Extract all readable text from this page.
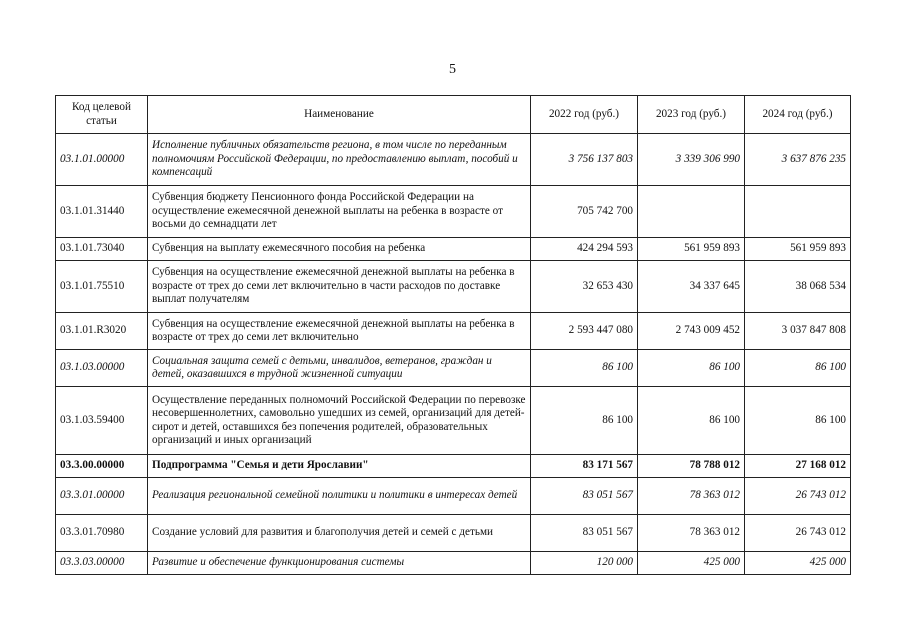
5
Код целевой статьи	Наименование	2022 год (руб.)	2023 год (руб.)	2024 год (руб.)
03.1.01.00000	Исполнение публичных обязательств региона, в том числе по переданным полномочиям Российской Федерации, по предоставлению выплат, пособий и компенсаций	3 756 137 803	3 339 306 990	3 637 876 235
03.1.01.31440	Субвенция бюджету Пенсионного фонда Российской Федерации на осуществление ежемесячной денежной выплаты на ребенка в возрасте от восьми до семнадцати лет	705 742 700		
03.1.01.73040	Субвенция на выплату ежемесячного пособия на ребенка	424 294 593	561 959 893	561 959 893
03.1.01.75510	Субвенция на осуществление ежемесячной денежной выплаты на ребенка в возрасте от трех до семи лет включительно в части расходов по доставке выплат получателям	32 653 430	34 337 645	38 068 534
03.1.01.R3020	Субвенция на осуществление ежемесячной денежной выплаты на ребенка в возрасте от трех до семи лет включительно	2 593 447 080	2 743 009 452	3 037 847 808
03.1.03.00000	Социальная защита семей с детьми, инвалидов, ветеранов, граждан и детей, оказавшихся в трудной жизненной ситуации	86 100	86 100	86 100
03.1.03.59400	Осуществление переданных полномочий Российской Федерации по перевозке несовершеннолетних, самовольно ушедших из семей, организаций для детей-сирот и детей, оставшихся без попечения родителей, образовательных организаций и иных организаций	86 100	86 100	86 100
03.3.00.00000	Подпрограмма "Семья и дети Ярославии"	83 171 567	78 788 012	27 168 012
03.3.01.00000	Реализация региональной семейной политики и политики в интересах детей	83 051 567	78 363 012	26 743 012
03.3.01.70980	Создание условий для развития и благополучия детей и семей с детьми	83 051 567	78 363 012	26 743 012
03.3.03.00000	Развитие и обеспечение функционирования системы	120 000	425 000	425 000
